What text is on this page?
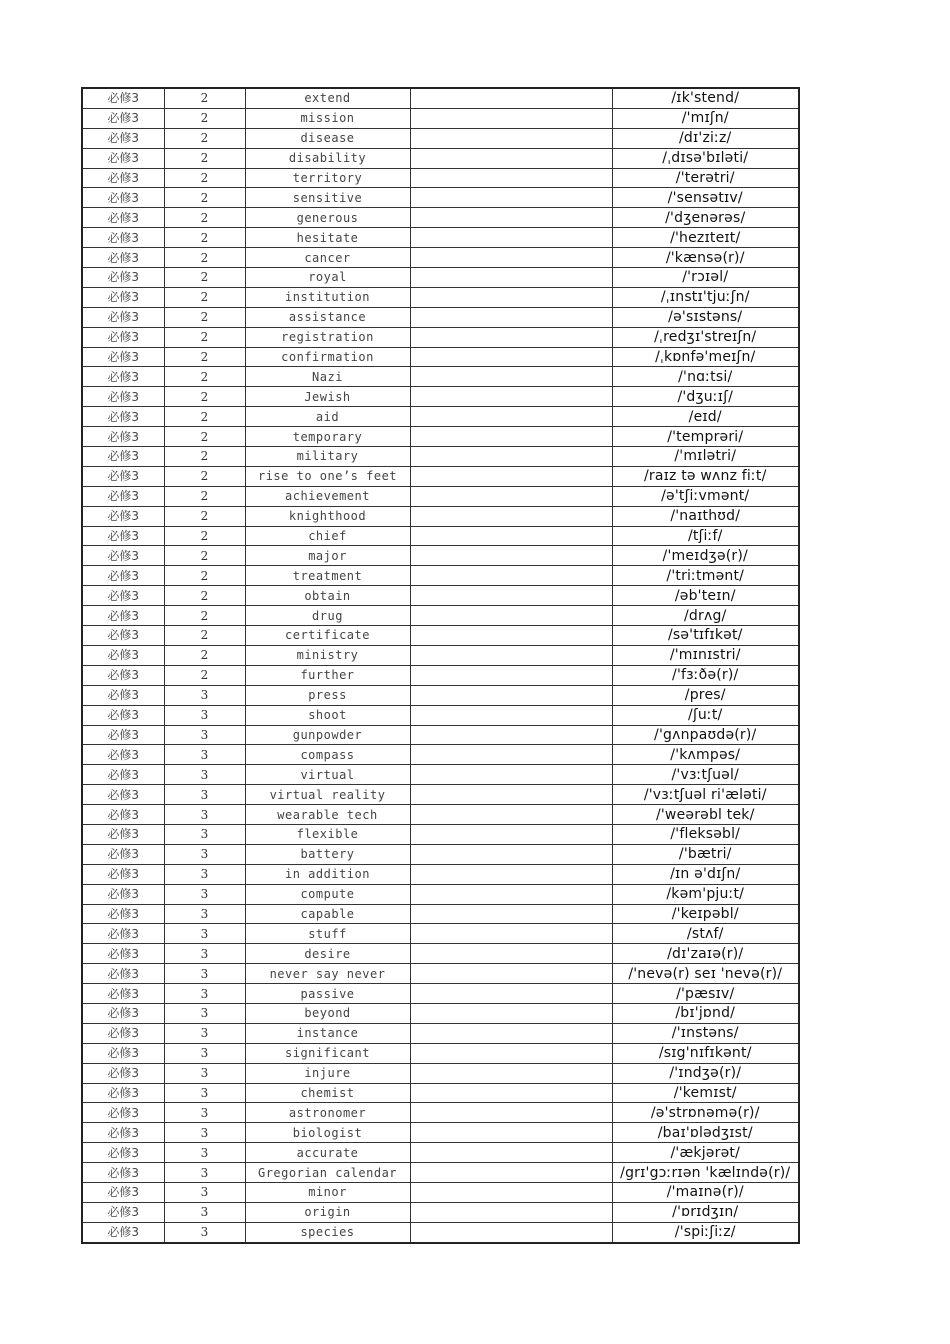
必修3	2	extend		/ɪk'stend/
必修3	2	mission		/'mɪʃn/
必修3	2	disease		/dɪ'ziːz/
必修3	2	disability		/ˌdɪsə'bɪləti/
必修3	2	territory		/'terətri/
必修3	2	sensitive		/'sensətɪv/
必修3	2	generous		/'dʒenərəs/
必修3	2	hesitate		/'hezɪteɪt/
必修3	2	cancer		/'kænsə(r)/
必修3	2	royal		/'rɔɪəl/
必修3	2	institution		/ˌɪnstɪ'tjuːʃn/
必修3	2	assistance		/ə'sɪstəns/
必修3	2	registration		/ˌredʒɪ'streɪʃn/
必修3	2	confirmation		/ˌkɒnfə'meɪʃn/
必修3	2	Nazi		/'nɑːtsi/
必修3	2	Jewish		/'dʒuːɪʃ/
必修3	2	aid		/eɪd/
必修3	2	temporary		/'temprəri/
必修3	2	military		/'mɪlətri/
必修3	2	rise to one’s feet		/raɪz tə wʌnz fiːt/
必修3	2	achievement		/ə'tʃiːvmənt/
必修3	2	knighthood		/'naɪthʊd/
必修3	2	chief		/tʃiːf/
必修3	2	major		/'meɪdʒə(r)/
必修3	2	treatment		/'triːtmənt/
必修3	2	obtain		/əb'teɪn/
必修3	2	drug		/drʌg/
必修3	2	certificate		/sə'tɪfɪkət/
必修3	2	ministry		/'mɪnɪstri/
必修3	2	further		/'fɜːðə(r)/
必修3	3	press		/pres/
必修3	3	shoot		/ʃuːt/
必修3	3	gunpowder		/'gʌnpaʊdə(r)/
必修3	3	compass		/'kʌmpəs/
必修3	3	virtual		/'vɜːtʃuəl/
必修3	3	virtual reality		/'vɜːtʃuəl ri'æləti/
必修3	3	wearable tech		/'weərəbl tek/
必修3	3	flexible		/'fleksəbl/
必修3	3	battery		/'bætri/
必修3	3	in addition		/ɪn ə'dɪʃn/
必修3	3	compute		/kəm'pjuːt/
必修3	3	capable		/'keɪpəbl/
必修3	3	stuff		/stʌf/
必修3	3	desire		/dɪ'zaɪə(r)/
必修3	3	never say never		/'nevə(r) seɪ 'nevə(r)/
必修3	3	passive		/'pæsɪv/
必修3	3	beyond		/bɪ'jɒnd/
必修3	3	instance		/'ɪnstəns/
必修3	3	significant		/sɪg'nɪfɪkənt/
必修3	3	injure		/'ɪndʒə(r)/
必修3	3	chemist		/'kemɪst/
必修3	3	astronomer		/ə'strɒnəmə(r)/
必修3	3	biologist		/baɪ'ɒlədʒɪst/
必修3	3	accurate		/'ækjərət/
必修3	3	Gregorian calendar		/grɪ'gɔːrɪən 'kælɪndə(r)/
必修3	3	minor		/'maɪnə(r)/
必修3	3	origin		/'ɒrɪdʒɪn/
必修3	3	species		/'spiːʃiːz/
